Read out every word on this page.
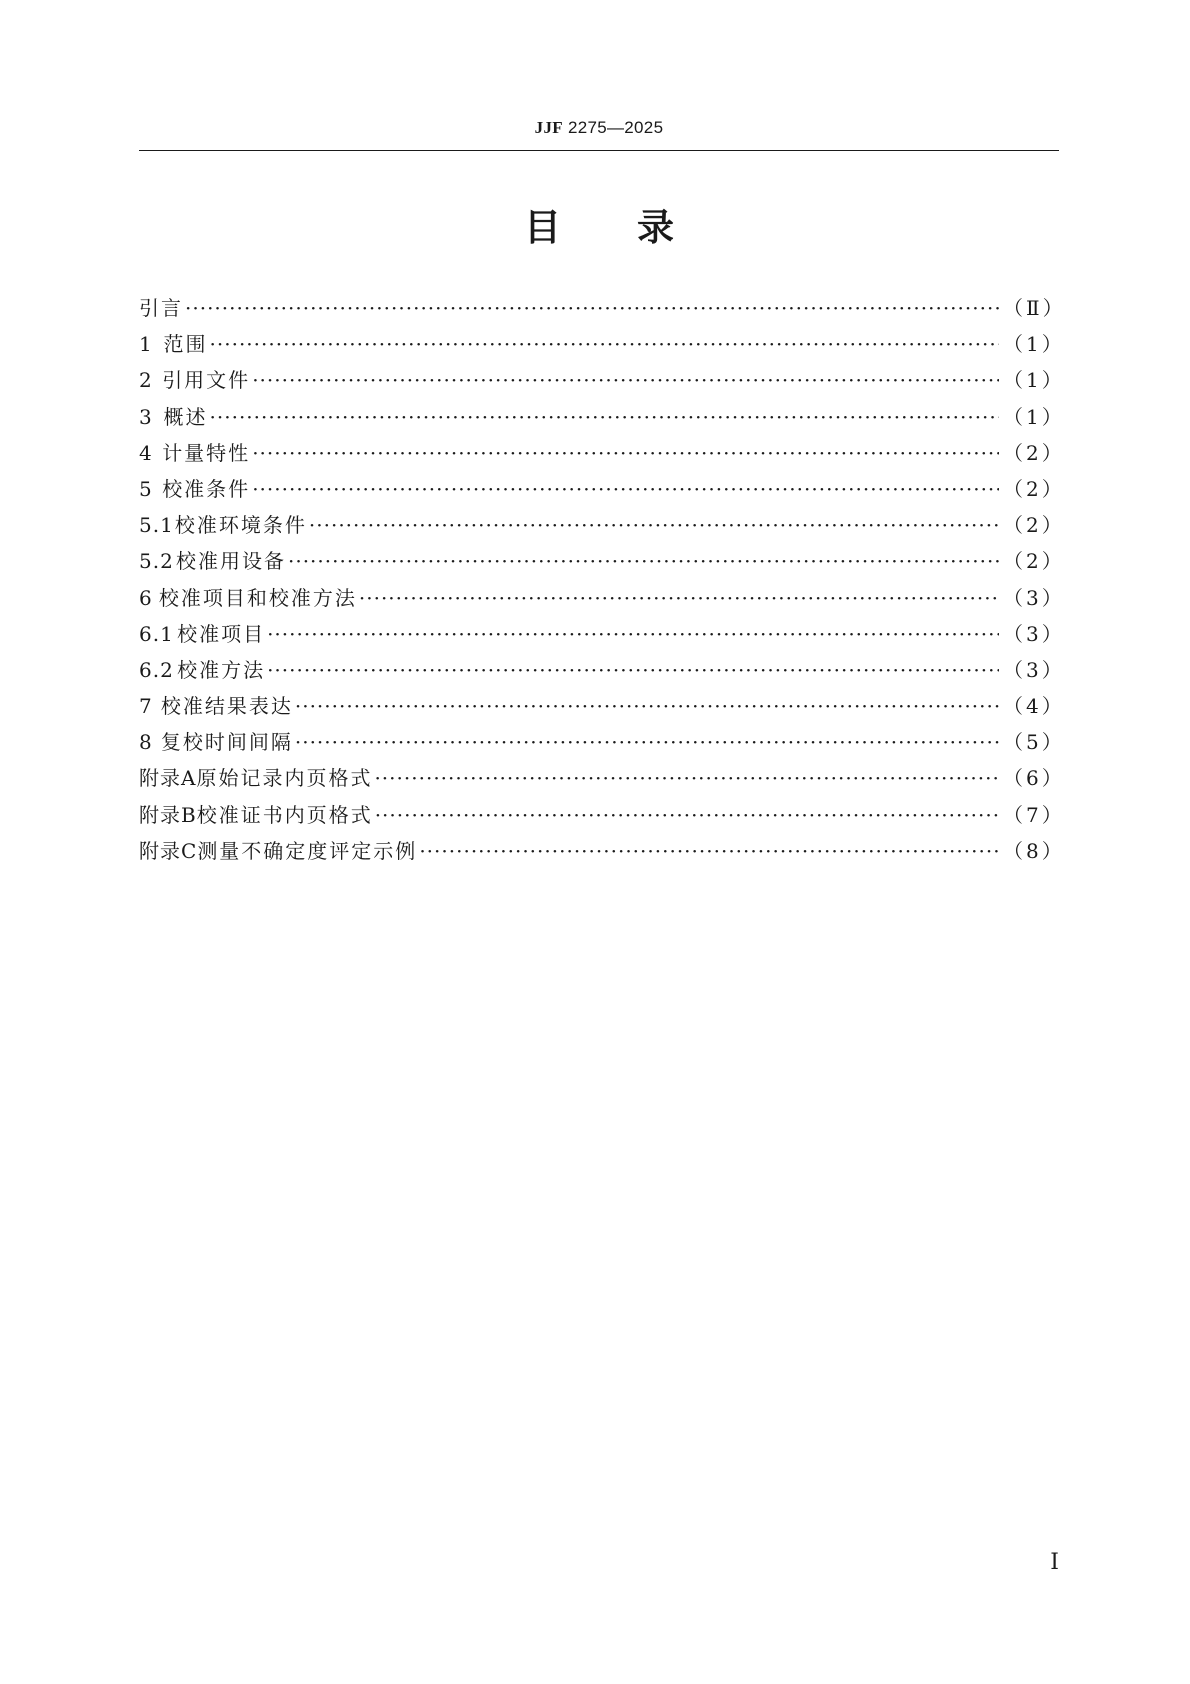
JJF 2275—2025
目 录
引言 ·····	（Ⅱ）
1 范围 ·····	（1）
2 引用文件 ·····	（1）
3 概述 ·····	（1）
4 计量特性 ·····	（2）
5 校准条件 ·····	（2）
5.1 校准环境条件 ·····	（2）
5.2 校准用设备 ·····	（2）
6 校准项目和校准方法 ·····	（3）
6.1 校准项目 ·····	（3）
6.2 校准方法 ·····	（3）
7 校准结果表达 ·····	（4）
8 复校时间间隔 ·····	（5）
附录A 原始记录内页格式 ·····	（6）
附录B 校准证书内页格式 ·····	（7）
附录C 测量不确定度评定示例 ·····	（8）
Ⅰ
